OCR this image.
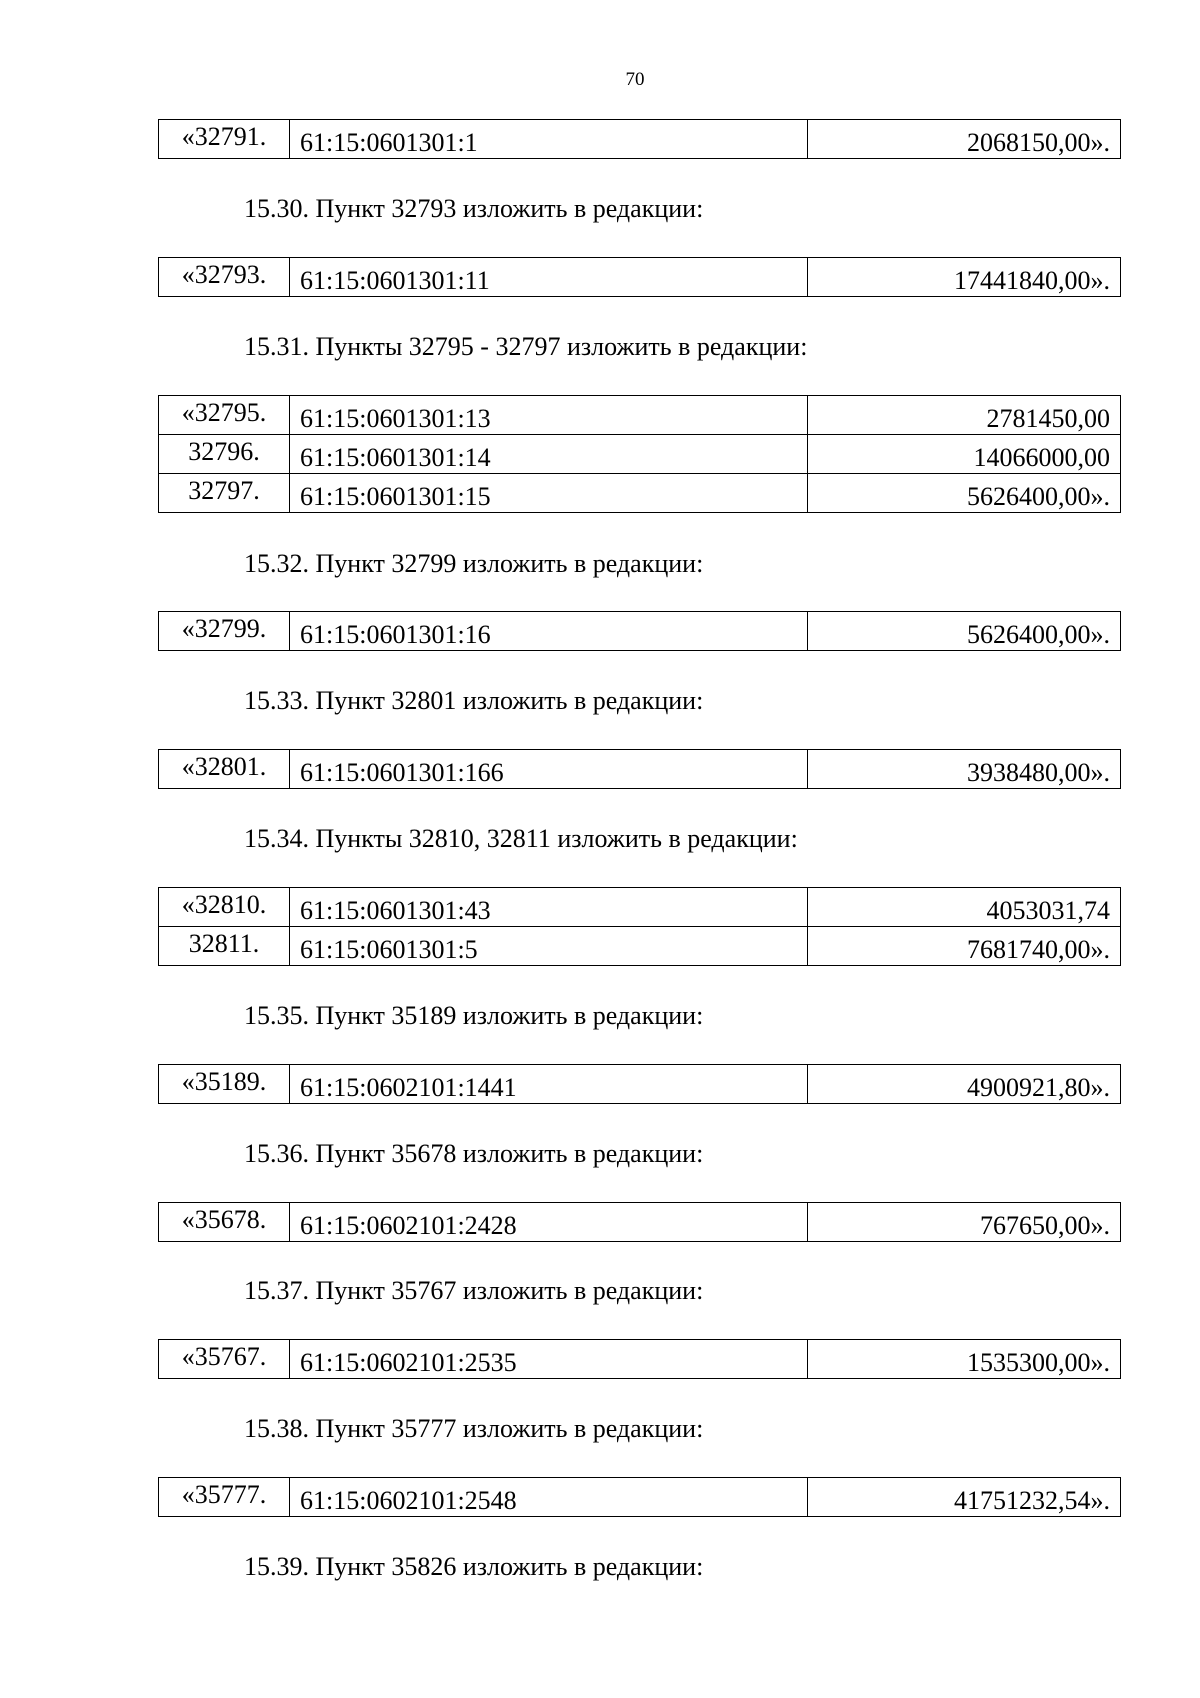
70
«32791.	61:15:0601301:1	2068150,00».
15.30. Пункт 32793 изложить в редакции:
«32793.	61:15:0601301:11	17441840,00».
15.31. Пункты 32795 - 32797 изложить в редакции:
«32795.	61:15:0601301:13	2781450,00
32796.	61:15:0601301:14	14066000,00
32797.	61:15:0601301:15	5626400,00».
15.32. Пункт 32799 изложить в редакции:
«32799.	61:15:0601301:16	5626400,00».
15.33. Пункт 32801 изложить в редакции:
«32801.	61:15:0601301:166	3938480,00».
15.34. Пункты 32810, 32811 изложить в редакции:
«32810.	61:15:0601301:43	4053031,74
32811.	61:15:0601301:5	7681740,00».
15.35. Пункт 35189 изложить в редакции:
«35189.	61:15:0602101:1441	4900921,80».
15.36. Пункт 35678 изложить в редакции:
«35678.	61:15:0602101:2428	767650,00».
15.37. Пункт 35767 изложить в редакции:
«35767.	61:15:0602101:2535	1535300,00».
15.38. Пункт 35777 изложить в редакции:
«35777.	61:15:0602101:2548	41751232,54».
15.39. Пункт 35826 изложить в редакции:
